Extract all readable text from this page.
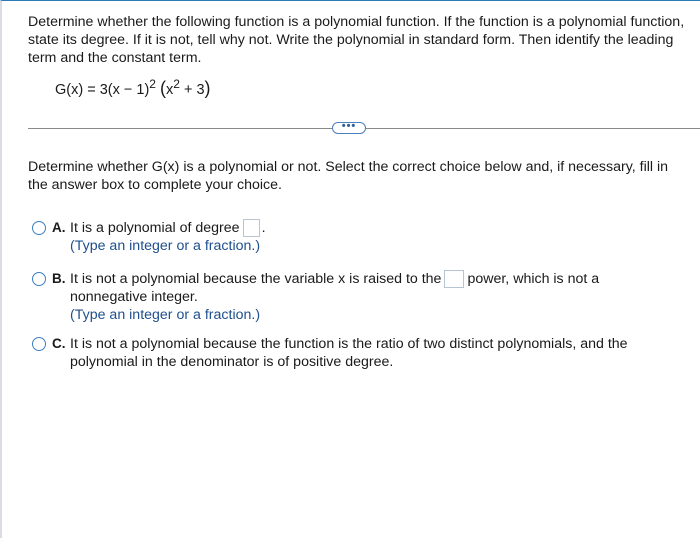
Determine whether the following function is a polynomial function. If the function is a polynomial function, state its degree. If it is not, tell why not. Write the polynomial in standard form. Then identify the leading term and the constant term.
$G(x) = 3(x - 1)^2$ $(x^2 + 3)$
•••
Determine whether G(x) is a polynomial or not. Select the correct choice below and, if necessary, fill in the answer box to complete your choice.
A. It is a polynomial of degree .
(Type an integer or a fraction.)
B. It is not a polynomial because the variable x is raised to the power, which is not a nonnegative integer.
(Type an integer or a fraction.)
C. It is not a polynomial because the function is the ratio of two distinct polynomials, and the polynomial in the denominator is of positive degree.
